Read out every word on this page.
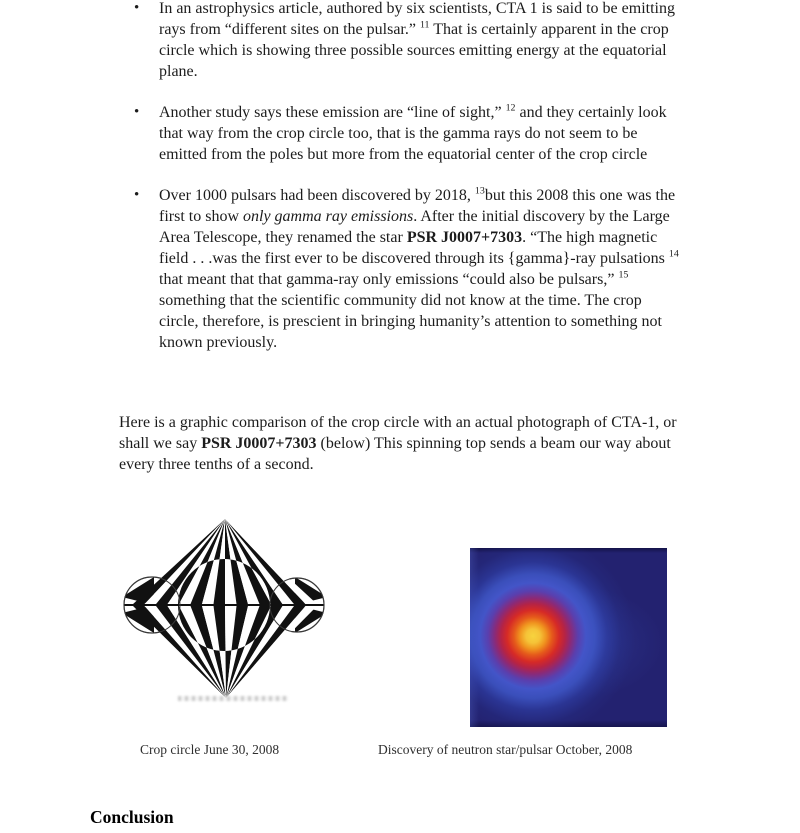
•	In an astrophysics article, authored by six scientists, CTA 1 is said to be emitting rays from “different sites on the pulsar.” $^{11}$ That is certainly apparent in the crop circle which is showing three possible sources emitting energy at the equatorial plane.
•	Another study says these emission are “line of sight,” $^{12}$ and they certainly look that way from the crop circle too, that is the gamma rays do not seem to be emitted from the poles but more from the equatorial center of the crop circle
•	Over 1000 pulsars had been discovered by 2018, $^{13}$but this 2008 this one was the first to show only gamma ray emissions. After the initial discovery by the Large Area Telescope, they renamed the star PSR J0007+7303. “The high magnetic field . . .was the first ever to be discovered through its {gamma}-ray pulsations $^{14}$ that meant that that gamma-ray only emissions “could also be pulsars,” $^{15}$ something that the scientific community did not know at the time. The crop circle, therefore, is prescient in bringing humanity’s attention to something not known previously.
Here is a graphic comparison of the crop circle with an actual photograph of CTA-1, or shall we say PSR J0007+7303 (below) This spinning top sends a beam our way about every three tenths of a second.
Crop circle June 30, 2008	Discovery of neutron star/pulsar October, 2008
Conclusion
